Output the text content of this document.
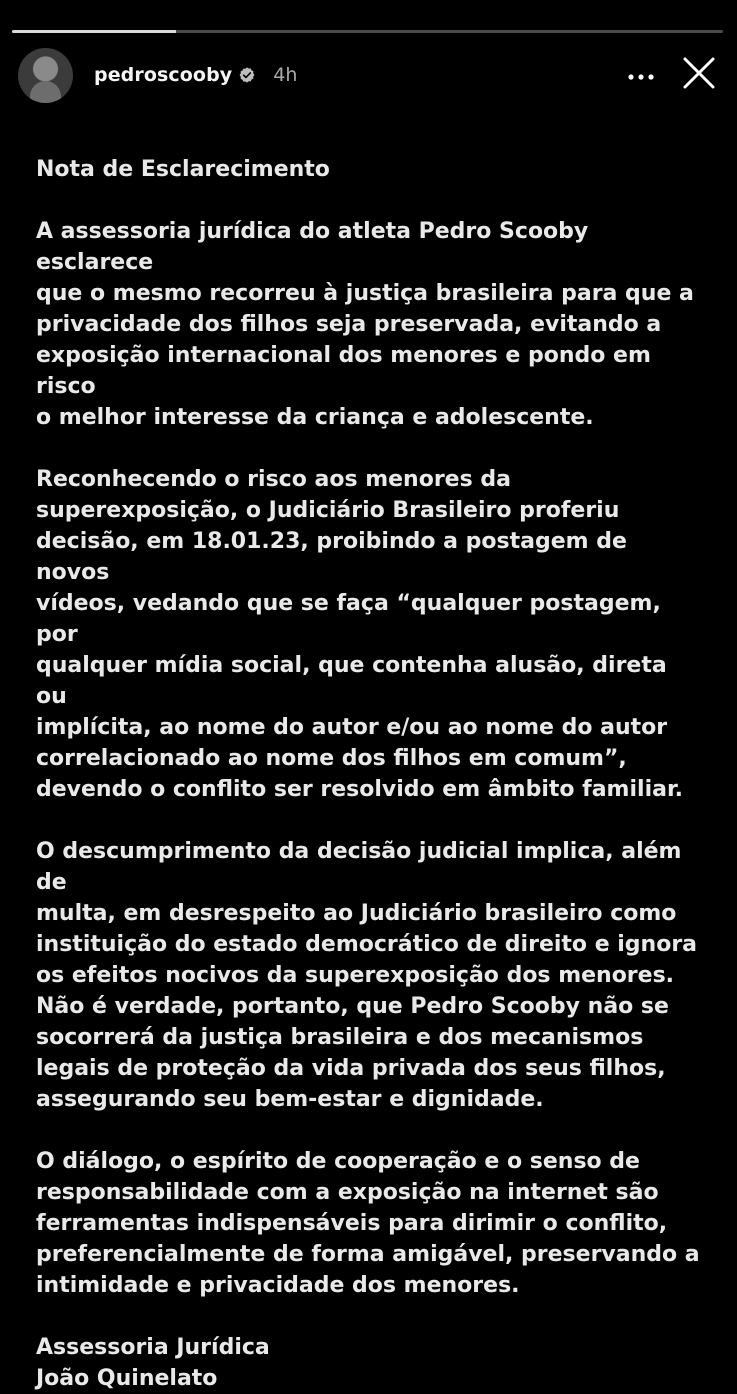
pedroscooby 4h

Nota de Esclarecimento

A assessoria jurídica do atleta Pedro Scooby esclarece
que o mesmo recorreu à justiça brasileira para que a
privacidade dos filhos seja preservada, evitando a
exposição internacional dos menores e pondo em risco
o melhor interesse da criança e adolescente.

Reconhecendo o risco aos menores da
superexposição, o Judiciário Brasileiro proferiu
decisão, em 18.01.23, proibindo a postagem de novos
vídeos, vedando que se faça “qualquer postagem, por
qualquer mídia social, que contenha alusão, direta ou
implícita, ao nome do autor e/ou ao nome do autor
correlacionado ao nome dos filhos em comum”,
devendo o conflito ser resolvido em âmbito familiar.

O descumprimento da decisão judicial implica, além de
multa, em desrespeito ao Judiciário brasileiro como
instituição do estado democrático de direito e ignora
os efeitos nocivos da superexposição dos menores.
Não é verdade, portanto, que Pedro Scooby não se
socorrerá da justiça brasileira e dos mecanismos
legais de proteção da vida privada dos seus filhos,
assegurando seu bem-estar e dignidade.

O diálogo, o espírito de cooperação e o senso de
responsabilidade com a exposição na internet são
ferramentas indispensáveis para dirimir o conflito,
preferencialmente de forma amigável, preservando a
intimidade e privacidade dos menores.

Assessoria Jurídica
João Quinelato
